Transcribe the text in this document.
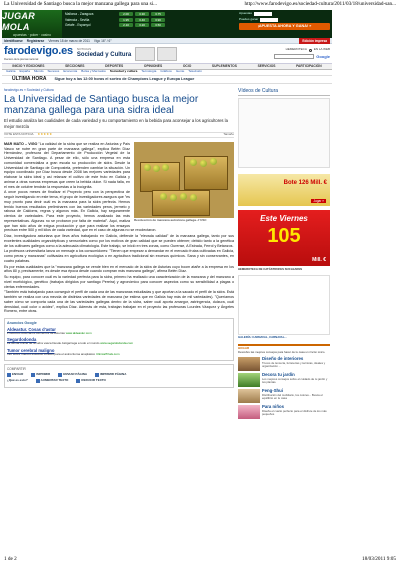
La Universidad de Santiago busca la mejor manzana gallega para una si...	http://www.farodevigo.es/sociedad-cultura/2011/03/18/universidad-san...
JUGAR MOLA
apuestas · poker · casino
Mallorca - Zaragoza	2.00	3.30	3.75
Valencia - Sevilla	1.95	3.40	3.90
Getafe - Espanyol	2.10	3.20	3.50
Apuestas
Puedes ganar
¡APUESTA AHORA Y GANA! »
Identificarse Registrarse Viernes 18 de marzo de 2011 Vigo 16° / 6°	Edición impresa
farodevigo.es
Decano de la prensa nacional
NOTICIAS
Sociedad y Cultura
HEMEROTECA EN LA WEB
Google
INICIO Y EDICIONES	SECCIONES	DEPORTES	OPINIONES	OCIO	SUPLEMENTOS	SERVICIOS	PARTICIPACIÓN
Galicia España Mundo Sucesos Economía Bolsa y Mercados Sociedad y cultura Tecnología Gráficos Gente Televisión
ÚLTIMA HORA Sigue hoy a las 12:00 horas el sorteo de Champions League y Europa League
farodevigo.es » Sociedad y Cultura
La Universidad de Santiago busca la mejor manzana gallega para una sidra ideal
El estudio analiza las cualidades de cada variedad y su comportamiento en la bebida para aconsejar a los agricultores la mejor mezcla
VOTE ESTA NOTICIA ★★★★★	Tamaño
Recolección de manzana autóctona gallega. // USC

MAR MATO – VIGO "La calidad de la sidra que se realiza en Asturias y País Vasco se nutre en gran parte de manzana gallega", explica Belén Díaz Hernández, profesora del Departamento de Producción Vegetal de la Universidad de Santiago. A pesar de ello, sólo una empresa en esta comunidad comercializa a gran escala su producción de sidra. Desde la Universidad de Santiago de Compostela, pretenden cambiar la situación. Un equipo coordinado por Díaz busca desde 2008 las mejores variedades para elaborar la sidra ideal y así relanzar el cultivo de este fruto en Galicia y animar a otras nuevas empresas que creen la bebida dulce. Si nada falla, en el mes de octubre tendrán la respuestas a la incógnita.

A once pocos meses de finalizar el Proyecto pero con la perspectiva de seguir investigando en este tema, el grupo de investigadores asegura que "es muy pronto para decir cuál es la manzana para la sidra perfecta. Hemos tenido buenos resultados preliminares con las variedades peros, jermelo y rabosa de Caldoms, regras y algunos más. En Galicia, hay seguramente cientos de variedades. Para este proyecto, hemos analizado las más representativas. Algunas no se probaron por falta de material". Aquí, matiza que han sido años de exigua producción y que para realizar los ensayos precisan entre 500 y mil kilos de cada variedad, que en el caso de algunas no se recolectaron.

Díaz, investigadora asturiana que lleva años trabajando en Galicia, defiende la "elevada calidad" de la manzana gallega, tanto por sus excelentes cualidades organolépticas y sensoriales como por los motivos de gran calidad que se pueden obtener; debido tanto a la genética de los cultivares gallegos como a la adecuada climatología. Este trabajo, se inició en tres zonas, como Ourense, A Estrada, Ferrol y Betanzos.

La profesora universitaria lanza un mensaje a los consumidores: "Tienen que empezar a demandar en el mercado frutas cultivadas en Galicia, como peras y manzanas" cultivadas en agricultura ecológica o en agricultura tradicional sin excesos químicos. Sana y sin conservantes, en cuatro palabras.

Es por estas cualidades que la "manzana gallega se vende bien en el mercado de la sidra de Asturias cuyo boom atañe a la empresa en los años 80 y, precisamente, es desde esa época desde cuando compran más manzana gallega", afirma Belén Díaz.

Su equipo, para conocer cuál es la variedad perfecta para la sidra, primero ha realizado una caracterización de la manzana y del manzano a nivel morfológico, genético (trabajos dirigidos por santiago Pereira) y agronómico para conocer aspectos como su sensibilidad a plagas o ciertas enfermedades.

"También está trabajando para conseguir el perfil de cada una de las manzanas estudiadas y que aportan a la sacado el perfil de la sidra. Está también se realiza con una mezcla de distintas variedades de manzana (se estima que en Galicia hay más de mil variedades). "Queríamos saber cómo se comporta cada una de las variedades gallegas dentro de la sidra, saber cuál aporta amargor, astringencia, dulzura, cuál densidad, cuál color o acidez", explica Díaz. Además de esta, trabajan trabajan en el proyecto las profesoras Lourdes Vázquez y Ángeles Romero, entre otras.

Anuncios Google
Aldeastur. Cosas d'astur
Productos Asturianos Alimentos de Asturias www.aldeastur.com
Segardodonda
La tienda online de la sidra vasca Desde Astigarraga a todo el mundo www.segardodonda.com
Tumor cerebral maligno
Info sobre nuevos estudios clínicos para el astrocitoma anaplásico ClinicalTrials.com
COMPARTIR
ENVIAR	IMPRIMIR	ENVIAR PÁGINA	IMPRIMIR PÁGINA
¿Qué es esto?	AUMENTAR TEXTO	REDUCIR TEXTO
Vídeos de Cultura
Bote 126 Mill. €
Jugar »
Este Viernes
105
Mill. €
HEMEROTECA DE CATÁSTROFES NUCLEARES
GALERÍA: CARNAVAL, CARNAVAL...
HOGAR
Descubre las mejores consejos para hacer de tu casa un rincón único.
Diseño de interiores
Trucos de lencería, ferreterías y técnicas, ideales y organización ...
Decora tu jardín
Los mejores consejos sobre el cuidado de tu jardín y tus plantas.
Feng-Shui
Distribución del mobiliario, los colores... Busca el equilibrio en tu casa
Para niños
Diseña el cuarto perfecto para el disfrute de los más pequeños
1 de 2	18/03/2011 9:05
